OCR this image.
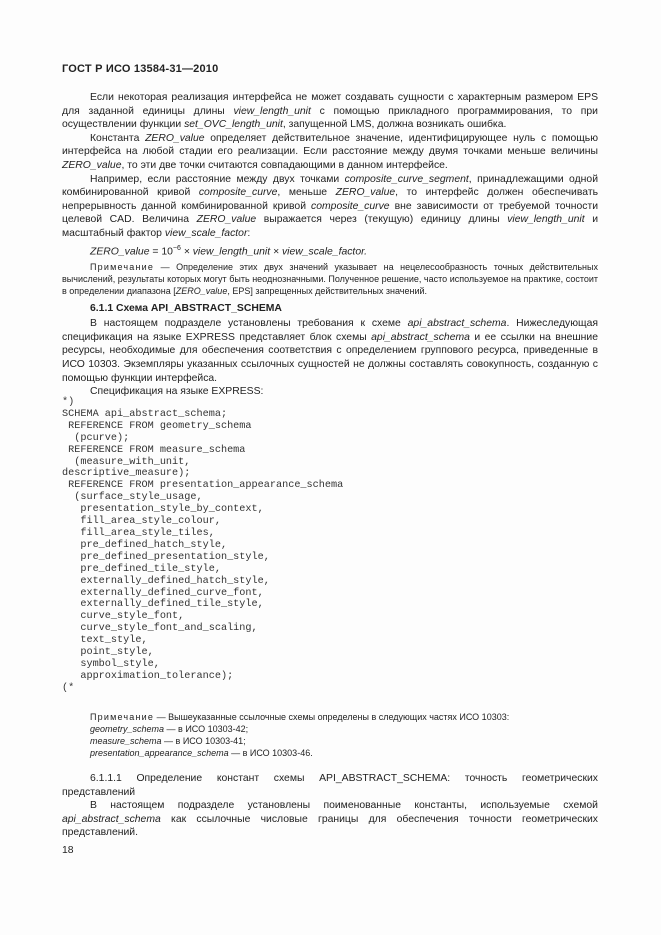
ГОСТ Р ИСО 13584-31—2010

Если некоторая реализация интерфейса не может создавать сущности с характерным размером EPS для заданной единицы длины view_length_unit с помощью прикладного программирования, то при осуществлении функции set_OVC_length_unit, запущенной LMS, должна возникать ошибка.

Константа ZERO_value определяет действительное значение, идентифицирующее нуль с помощью интерфейса на любой стадии его реализации. Если расстояние между двумя точками меньше величины ZERO_value, то эти две точки считаются совпадающими в данном интерфейсе.

Например, если расстояние между двух точками composite_curve_segment, принадлежащими одной комбинированной кривой composite_curve, меньше ZERO_value, то интерфейс должен обеспечивать непрерывность данной комбинированной кривой composite_curve вне зависимости от требуемой точности целевой CAD. Величина ZERO_value выражается через (текущую) единицу длины view_length_unit и масштабный фактор view_scale_factor:

ZERO_value = $10^{-6}$ × view_length_unit × view_scale_factor.

Примечание — Определение этих двух значений указывает на нецелесообразность точных действительных вычислений, результаты которых могут быть неоднозначными. Полученное решение, часто используемое на практике, состоит в определении диапазона [ZERO_value, EPS] запрещенных действительных значений.

6.1.1 Схема API_ABSTRACT_SCHEMA

В настоящем подразделе установлены требования к схеме api_abstract_schema. Нижеследующая спецификация на языке EXPRESS представляет блок схемы api_abstract_schema и ее ссылки на внешние ресурсы, необходимые для обеспечения соответствия с определением группового ресурса, приведенные в ИСО 10303. Экземпляры указанных ссылочных сущностей не должны составлять совокупность, созданную с помощью функции интерфейса.

Спецификация на языке EXPRESS:

*)
SCHEMA api_abstract_schema;
REFERENCE FROM geometry_schema
(pcurve);
REFERENCE FROM measure_schema
(measure_with_unit,
descriptive_measure);
REFERENCE FROM presentation_appearance_schema
(surface_style_usage,
presentation_style_by_context,
fill_area_style_colour,
fill_area_style_tiles,
pre_defined_hatch_style,
pre_defined_presentation_style,
pre_defined_tile_style,
externally_defined_hatch_style,
externally_defined_curve_font,
externally_defined_tile_style,
curve_style_font,
curve_style_font_and_scaling,
text_style,
point_style,
symbol_style,
approximation_tolerance);
(*
Примечание — Вышеуказанные ссылочные схемы определены в следующих частях ИСО 10303:
geometry_schema — в ИСО 10303-42;
measure_schema — в ИСО 10303-41;
presentation_appearance_schema — в ИСО 10303-46.

6.1.1.1 Определение констант схемы API_ABSTRACT_SCHEMA: точность геометрических представлений

В настоящем подразделе установлены поименованные константы, используемые схемой api_abstract_schema как ссылочные числовые границы для обеспечения точности геометрических представлений.

18
